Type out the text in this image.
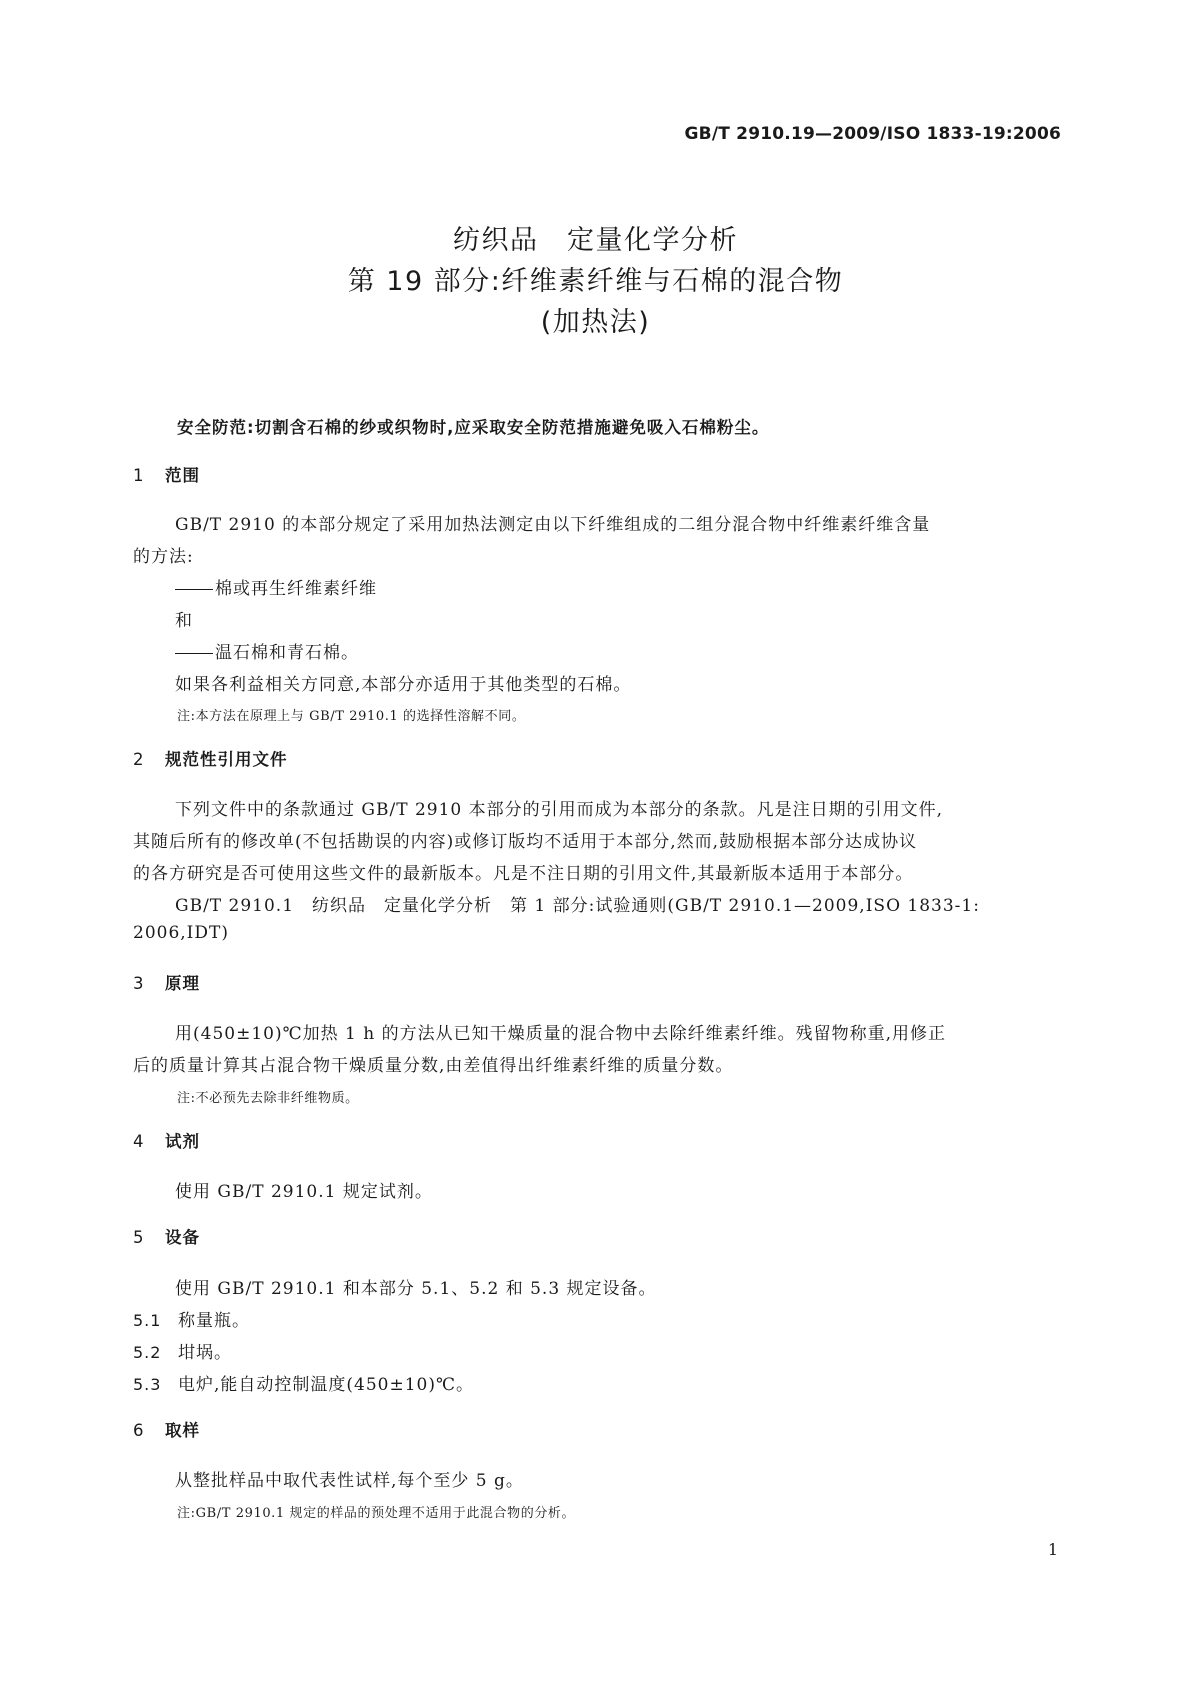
GB/T 2910.19—2009/ISO 1833-19:2006
纺织品　定量化学分析
第 19 部分:纤维素纤维与石棉的混合物
(加热法)
安全防范:切割含石棉的纱或织物时,应采取安全防范措施避免吸入石棉粉尘。
1 范围
GB/T 2910 的本部分规定了采用加热法测定由以下纤维组成的二组分混合物中纤维素纤维含量
的方法:
棉或再生纤维素纤维
和
温石棉和青石棉。
如果各利益相关方同意,本部分亦适用于其他类型的石棉。
注:本方法在原理上与 GB/T 2910.1 的选择性溶解不同。
2 规范性引用文件
下列文件中的条款通过 GB/T 2910 本部分的引用而成为本部分的条款。凡是注日期的引用文件,
其随后所有的修改单(不包括勘误的内容)或修订版均不适用于本部分,然而,鼓励根据本部分达成协议
的各方研究是否可使用这些文件的最新版本。凡是不注日期的引用文件,其最新版本适用于本部分。
GB/T 2910.1　纺织品　定量化学分析　第 1 部分:试验通则(GB/T 2910.1—2009,ISO 1833-1:
2006,IDT)
3 原理
用(450±10)℃加热 1 h 的方法从已知干燥质量的混合物中去除纤维素纤维。残留物称重,用修正
后的质量计算其占混合物干燥质量分数,由差值得出纤维素纤维的质量分数。
注:不必预先去除非纤维物质。
4 试剂
使用 GB/T 2910.1 规定试剂。
5 设备
使用 GB/T 2910.1 和本部分 5.1、5.2 和 5.3 规定设备。
5.1 称量瓶。
5.2 坩埚。
5.3 电炉,能自动控制温度(450±10)℃。
6 取样
从整批样品中取代表性试样,每个至少 5 g。
注:GB/T 2910.1 规定的样品的预处理不适用于此混合物的分析。
1
